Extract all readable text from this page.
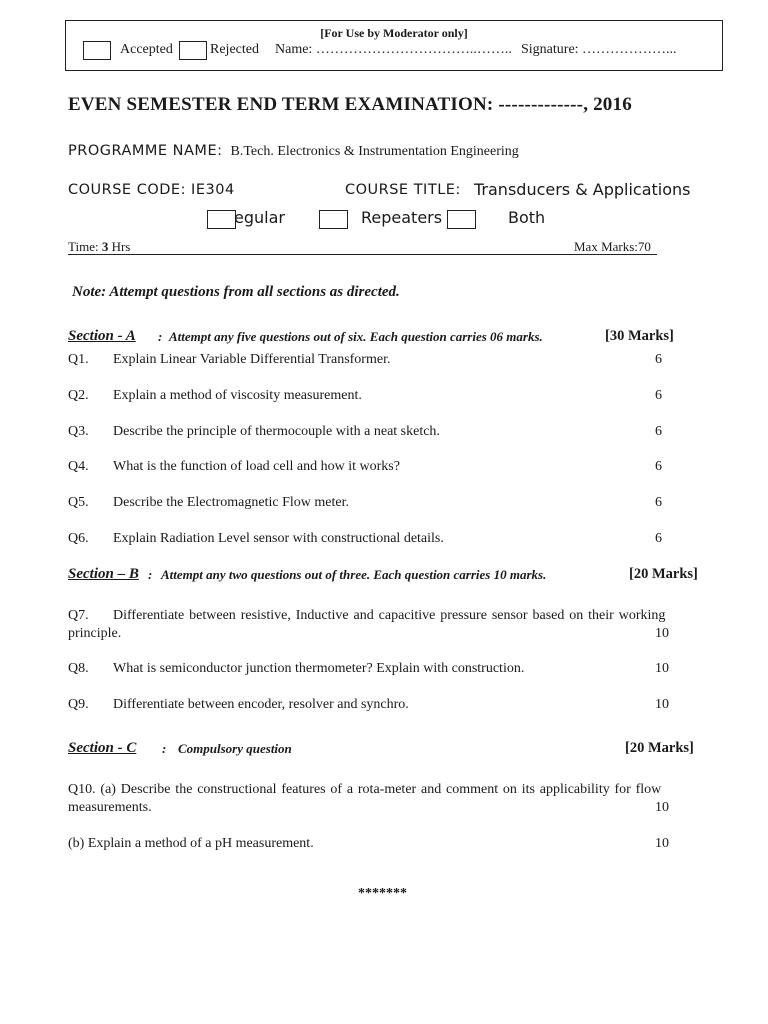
[For Use by Moderator only]
Accepted	Rejected Name: ……………………………..…….. Signature: ………………...
EVEN SEMESTER END TERM EXAMINATION: -------------, 2016
PROGRAMME NAME: B.Tech. Electronics & Instrumentation Engineering
COURSE CODE: IE304	COURSE TITLE: Transducers & Applications
egular	Repeaters	Both
Time: 3 Hrs	Max Marks:70
Note: Attempt questions from all sections as directed.
Section - A : Attempt any five questions out of six. Each question carries 06 marks.	[30 Marks]
Q1. Explain Linear Variable Differential Transformer.	6
Q2. Explain a method of viscosity measurement.	6
Q3. Describe the principle of thermocouple with a neat sketch.	6
Q4. What is the function of load cell and how it works?	6
Q5. Describe the Electromagnetic Flow meter.	6
Q6. Explain Radiation Level sensor with constructional details.	6
Section – B : Attempt any two questions out of three. Each question carries 10 marks.	[20 Marks]
Q7. Differentiate between resistive, Inductive and capacitive pressure sensor based on their working
principle.	10
Q8. What is semiconductor junction thermometer? Explain with construction.	10
Q9. Differentiate between encoder, resolver and synchro.	10
Section - C : Compulsory question	[20 Marks]
Q10. (a) Describe the constructional features of a rota-meter and comment on its applicability for flow
measurements.	10
(b) Explain a method of a pH measurement.	10
*******
